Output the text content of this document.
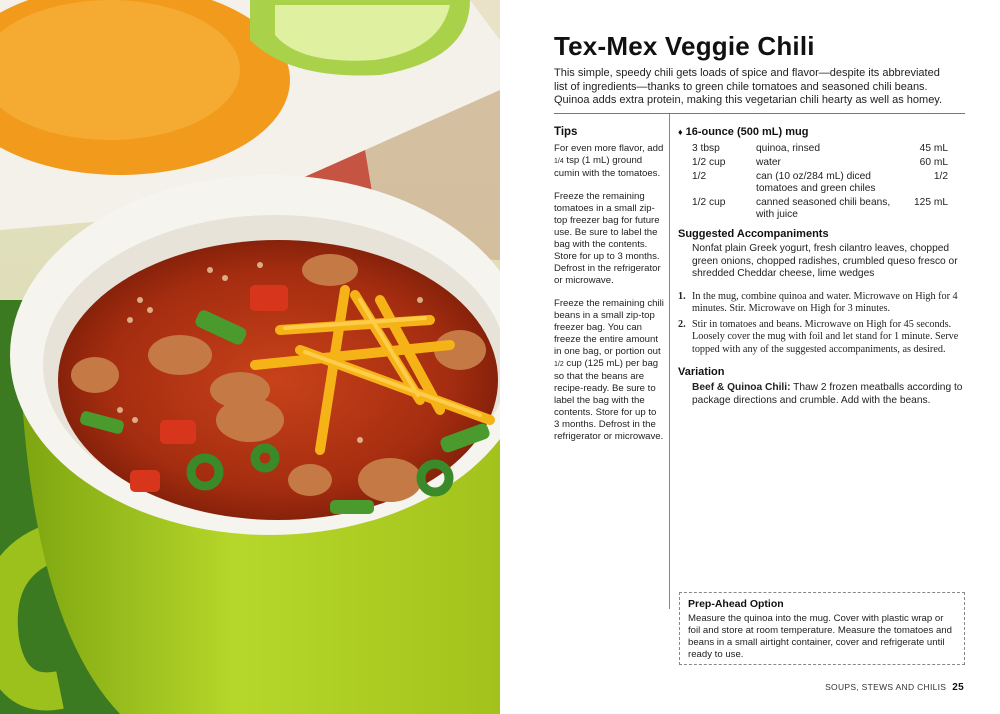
Tex-Mex Veggie Chili

This simple, speedy chili gets loads of spice and flavor—despite its abbreviated list of ingredients—thanks to green chile tomatoes and seasoned chili beans. Quinoa adds extra protein, making this vegetarian chili hearty as well as homey.

Tips

For even more flavor, add 1/4 tsp (1 mL) ground cumin with the tomatoes.

Freeze the remaining tomatoes in a small zip-top freezer bag for future use. Be sure to label the bag with the contents. Store for up to 3 months. Defrost in the refrigerator or microwave.

Freeze the remaining chili beans in a small zip-top freezer bag. You can freeze the entire amount in one bag, or portion out 1/2 cup (125 mL) per bag so that the beans are recipe-ready. Be sure to label the bag with the contents. Store for up to 3 months. Defrost in the refrigerator or microwave.

♦ 16-ounce (500 mL) mug
3 tbsp	quinoa, rinsed	45 mL
1/2 cup	water	60 mL
1/2	can (10 oz/284 mL) diced tomatoes and green chiles	1/2
1/2 cup	canned seasoned chili beans, with juice	125 mL
Suggested Accompaniments

Nonfat plain Greek yogurt, fresh cilantro leaves, chopped green onions, chopped radishes, crumbled queso fresco or shredded Cheddar cheese, lime wedges

1. In the mug, combine quinoa and water. Microwave on High for 4 minutes. Stir. Microwave on High for 3 minutes.
2. Stir in tomatoes and beans. Microwave on High for 45 seconds. Loosely cover the mug with foil and let stand for 1 minute. Serve topped with any of the suggested accompaniments, as desired.
Variation

Beef & Quinoa Chili: Thaw 2 frozen meatballs according to package directions and crumble. Add with the beans.

Prep-Ahead Option

Measure the quinoa into the mug. Cover with plastic wrap or foil and store at room temperature. Measure the tomatoes and beans in a small airtight container, cover and refrigerate until ready to use.

SOUPS, STEWS AND CHILIS 25
